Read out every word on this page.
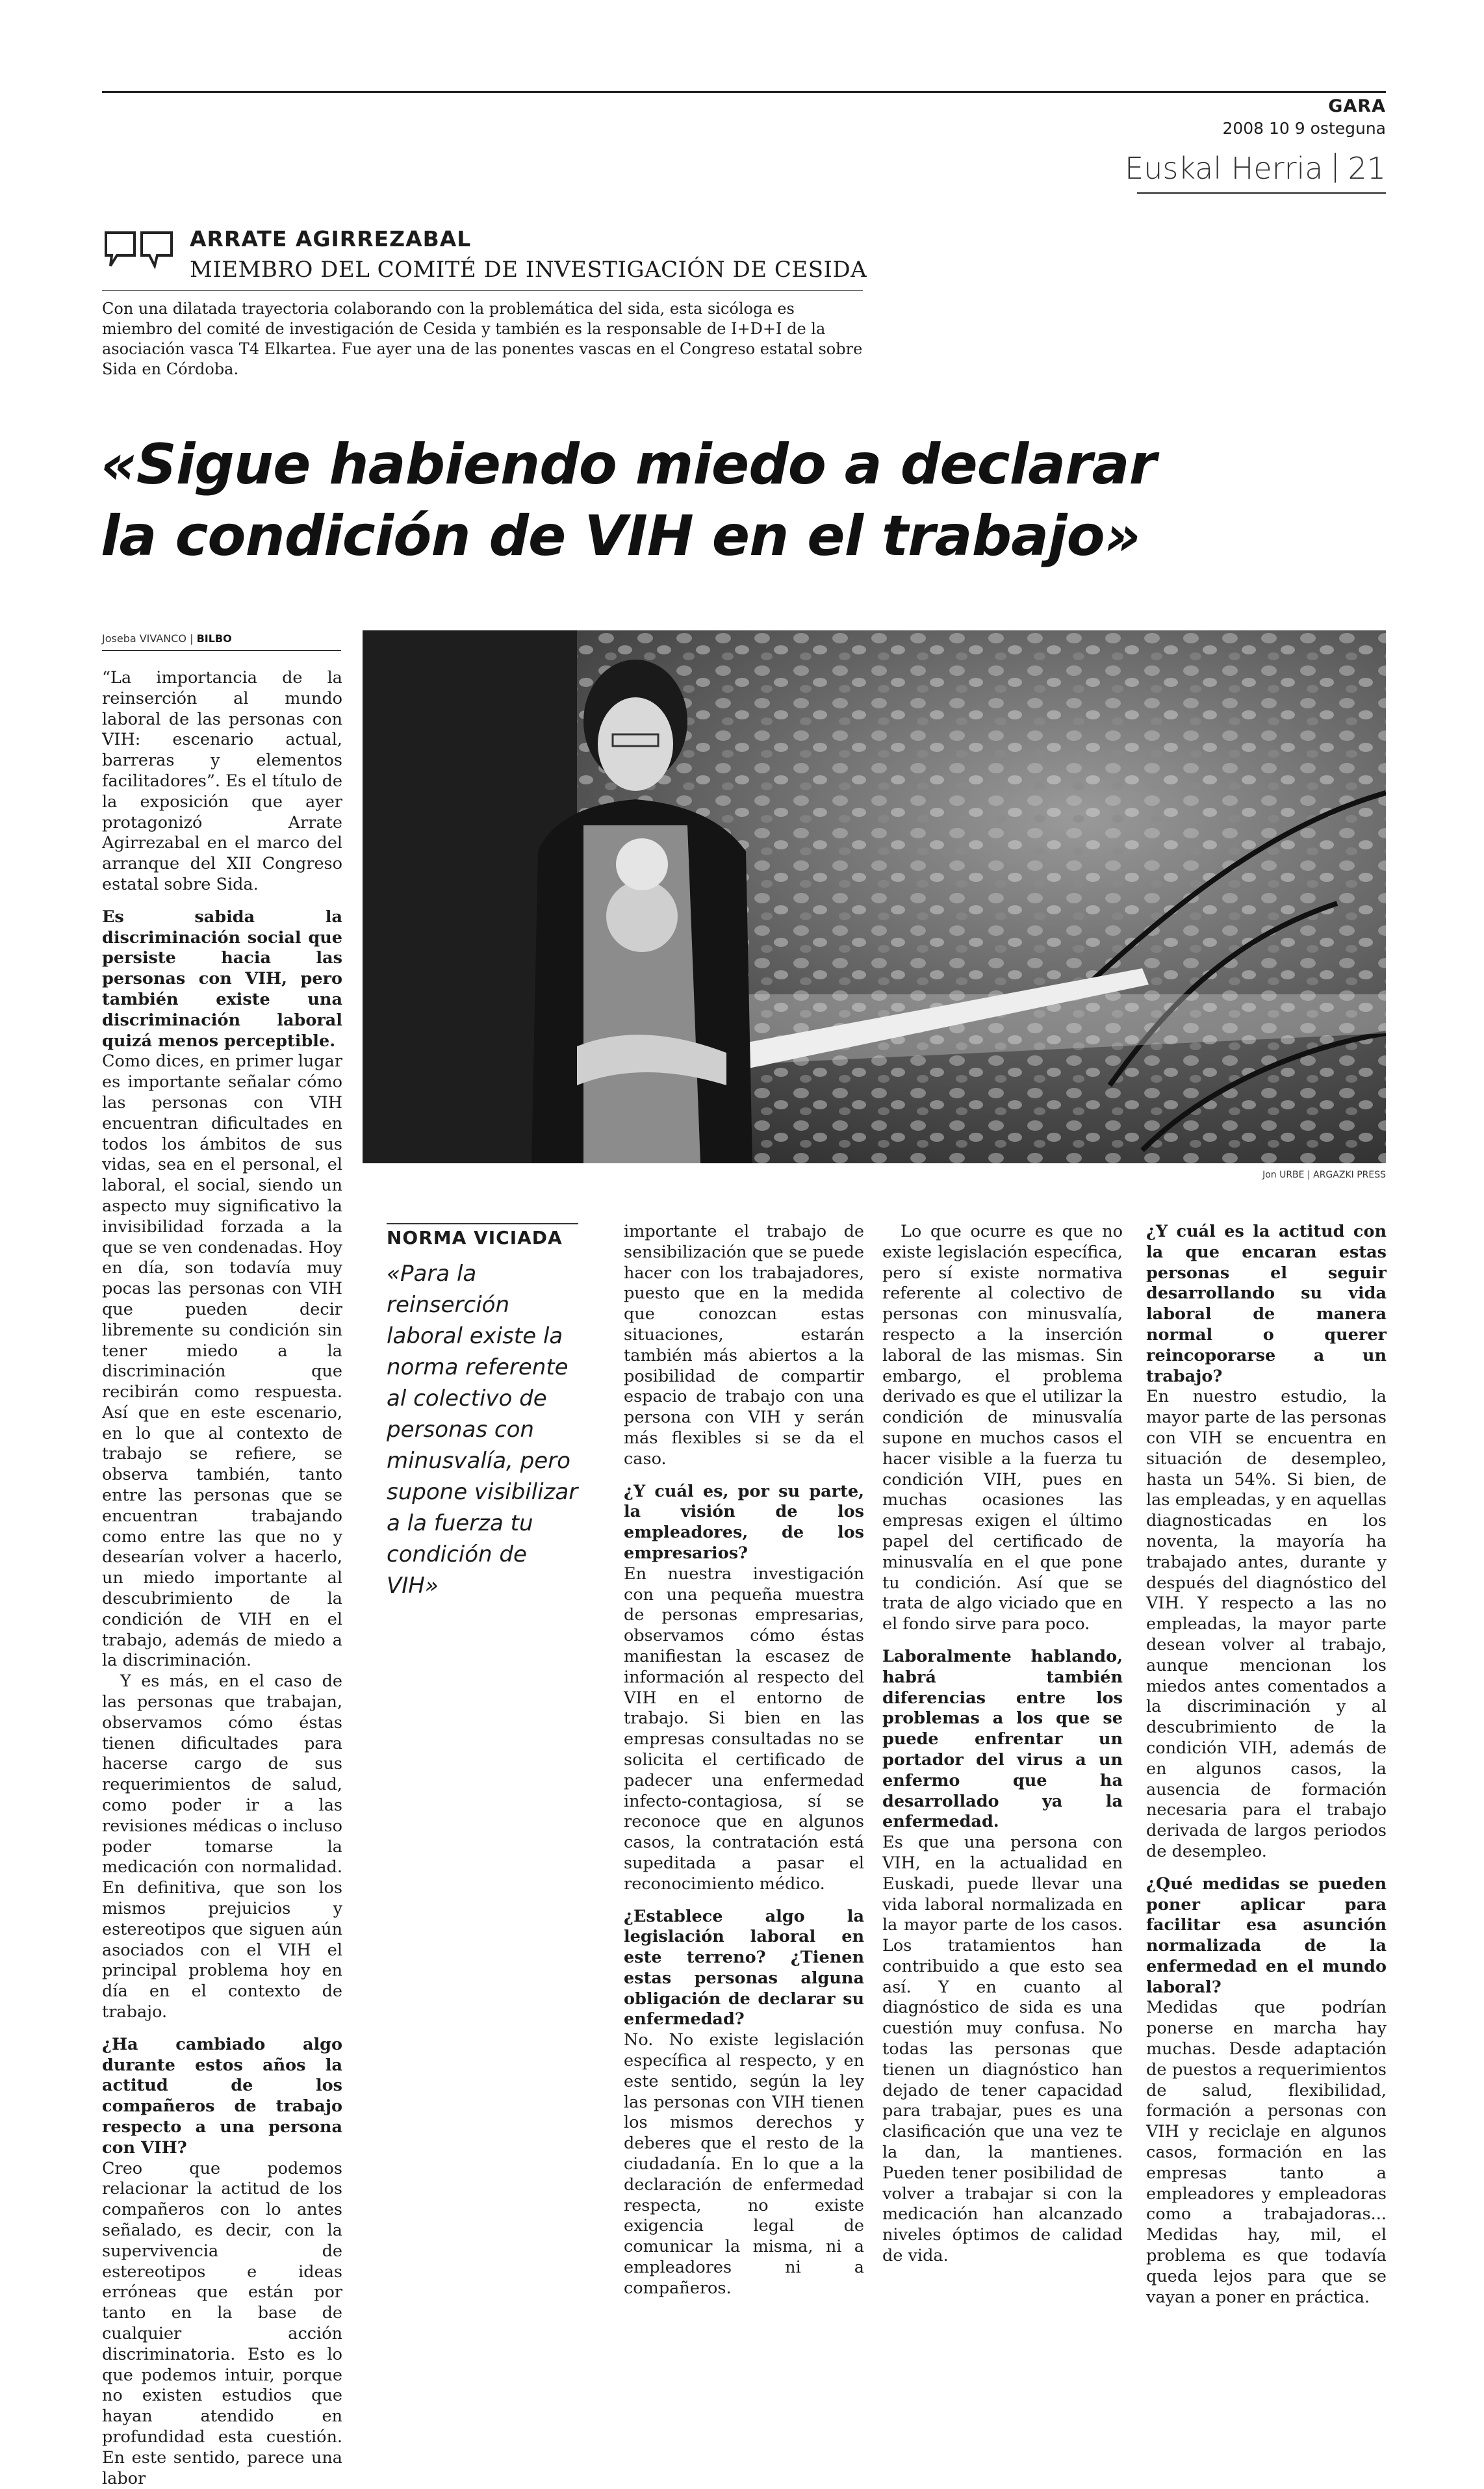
GARA
2008 10 9 osteguna
Euskal Herria 21
ARRATE AGIRREZABAL
MIEMBRO DEL COMITÉ DE INVESTIGACIÓN DE CESIDA
Con una dilatada trayectoria colaborando con la problemática del sida, esta sicóloga es miembro del comité de investigación de Cesida y también es la responsable de I+D+I de la asociación vasca T4 Elkartea. Fue ayer una de las ponentes vascas en el Congreso estatal sobre Sida en Córdoba.
«Sigue habiendo miedo a declarar
la condición de VIH en el trabajo»
Joseba VIVANCO | BILBO
Jon URBE | ARGAZKI PRESS
NORMA VICIADA
«Para la reinserción laboral existe la norma referente al colectivo de personas con minusvalía, pero supone visibilizar a la fuerza tu condición de VIH»

“La importancia de la reinserción al mundo laboral de las personas con VIH: escenario actual, barreras y elementos facilitadores”. Es el título de la exposición que ayer protagonizó Arrate Agirrezabal en el marco del arranque del XII Congreso estatal sobre Sida.

Es sabida la discriminación social que persiste hacia las personas con VIH, pero también existe una discriminación laboral quizá menos perceptible.

Como dices, en primer lugar es importante señalar cómo las personas con VIH encuentran dificultades en todos los ámbitos de sus vidas, sea en el personal, el laboral, el social, siendo un aspecto muy significativo la invisibilidad forzada a la que se ven condenadas. Hoy en día, son todavía muy pocas las personas con VIH que pueden decir libremente su condición sin tener miedo a la discriminación que recibirán como respuesta. Así que en este escenario, en lo que al contexto de trabajo se refiere, se observa también, tanto entre las personas que se encuentran trabajando como entre las que no y desearían volver a hacerlo, un miedo importante al descubrimiento de la condición de VIH en el trabajo, además de miedo a la discriminación.

Y es más, en el caso de las personas que trabajan, observamos cómo éstas tienen dificultades para hacerse cargo de sus requerimientos de salud, como poder ir a las revisiones médicas o incluso poder tomarse la medicación con normalidad. En definitiva, que son los mismos prejuicios y estereotipos que siguen aún asociados con el VIH el principal problema hoy en día en el contexto de trabajo.

¿Ha cambiado algo durante estos años la actitud de los compañeros de trabajo respecto a una persona con VIH?

Creo que podemos relacionar la actitud de los compañeros con lo antes señalado, es decir, con la supervivencia de estereotipos e ideas erróneas que están por tanto en la base de cualquier acción discriminatoria. Esto es lo que podemos intuir, porque no existen estudios que hayan atendido en profundidad esta cuestión. En este sentido, parece una labor

importante el trabajo de sensibilización que se puede hacer con los trabajadores, puesto que en la medida que conozcan estas situaciones, estarán también más abiertos a la posibilidad de compartir espacio de trabajo con una persona con VIH y serán más flexibles si se da el caso.

¿Y cuál es, por su parte, la visión de los empleadores, de los empresarios?

En nuestra investigación con una pequeña muestra de personas empresarias, observamos cómo éstas manifiestan la escasez de información al respecto del VIH en el entorno de trabajo. Si bien en las empresas consultadas no se solicita el certificado de padecer una enfermedad infecto-contagiosa, sí se reconoce que en algunos casos, la contratación está supeditada a pasar el reconocimiento médico.

¿Establece algo la legislación laboral en este terreno? ¿Tienen estas personas alguna obligación de declarar su enfermedad?

No. No existe legislación específica al respecto, y en este sentido, según la ley las personas con VIH tienen los mismos derechos y deberes que el resto de la ciudadanía. En lo que a la declaración de enfermedad respecta, no existe exigencia legal de comunicar la misma, ni a empleadores ni a compañeros.

Lo que ocurre es que no existe legislación específica, pero sí existe normativa referente al colectivo de personas con minusvalía, respecto a la inserción laboral de las mismas. Sin embargo, el problema derivado es que el utilizar la condición de minusvalía supone en muchos casos el hacer visible a la fuerza tu condición VIH, pues en muchas ocasiones las empresas exigen el último papel del certificado de minusvalía en el que pone tu condición. Así que se trata de algo viciado que en el fondo sirve para poco.

Laboralmente hablando, habrá también diferencias entre los problemas a los que se puede enfrentar un portador del virus a un enfermo que ha desarrollado ya la enfermedad.

Es que una persona con VIH, en la actualidad en Euskadi, puede llevar una vida laboral normalizada en la mayor parte de los casos. Los tratamientos han contribuido a que esto sea así. Y en cuanto al diagnóstico de sida es una cuestión muy confusa. No todas las personas que tienen un diagnóstico han dejado de tener capacidad para trabajar, pues es una clasificación que una vez te la dan, la mantienes. Pueden tener posibilidad de volver a trabajar si con la medicación han alcanzado niveles óptimos de calidad de vida.

¿Y cuál es la actitud con la que encaran estas personas el seguir desarrollando su vida laboral de manera normal o querer reincoporarse a un trabajo?

En nuestro estudio, la mayor parte de las personas con VIH se encuentra en situación de desempleo, hasta un 54%. Si bien, de las empleadas, y en aquellas diagnosticadas en los noventa, la mayoría ha trabajado antes, durante y después del diagnóstico del VIH. Y respecto a las no empleadas, la mayor parte desean volver al trabajo, aunque mencionan los miedos antes comentados a la discriminación y al descubrimiento de la condición VIH, además de en algunos casos, la ausencia de formación necesaria para el trabajo derivada de largos periodos de desempleo.

¿Qué medidas se pueden poner aplicar para facilitar esa asunción normalizada de la enfermedad en el mundo laboral?

Medidas que podrían ponerse en marcha hay muchas. Desde adaptación de puestos a requerimientos de salud, flexibilidad, formación a personas con VIH y reciclaje en algunos casos, formación en las empresas tanto a empleadores y empleadoras como a trabajadoras... Medidas hay, mil, el problema es que todavía queda lejos para que se vayan a poner en práctica.
